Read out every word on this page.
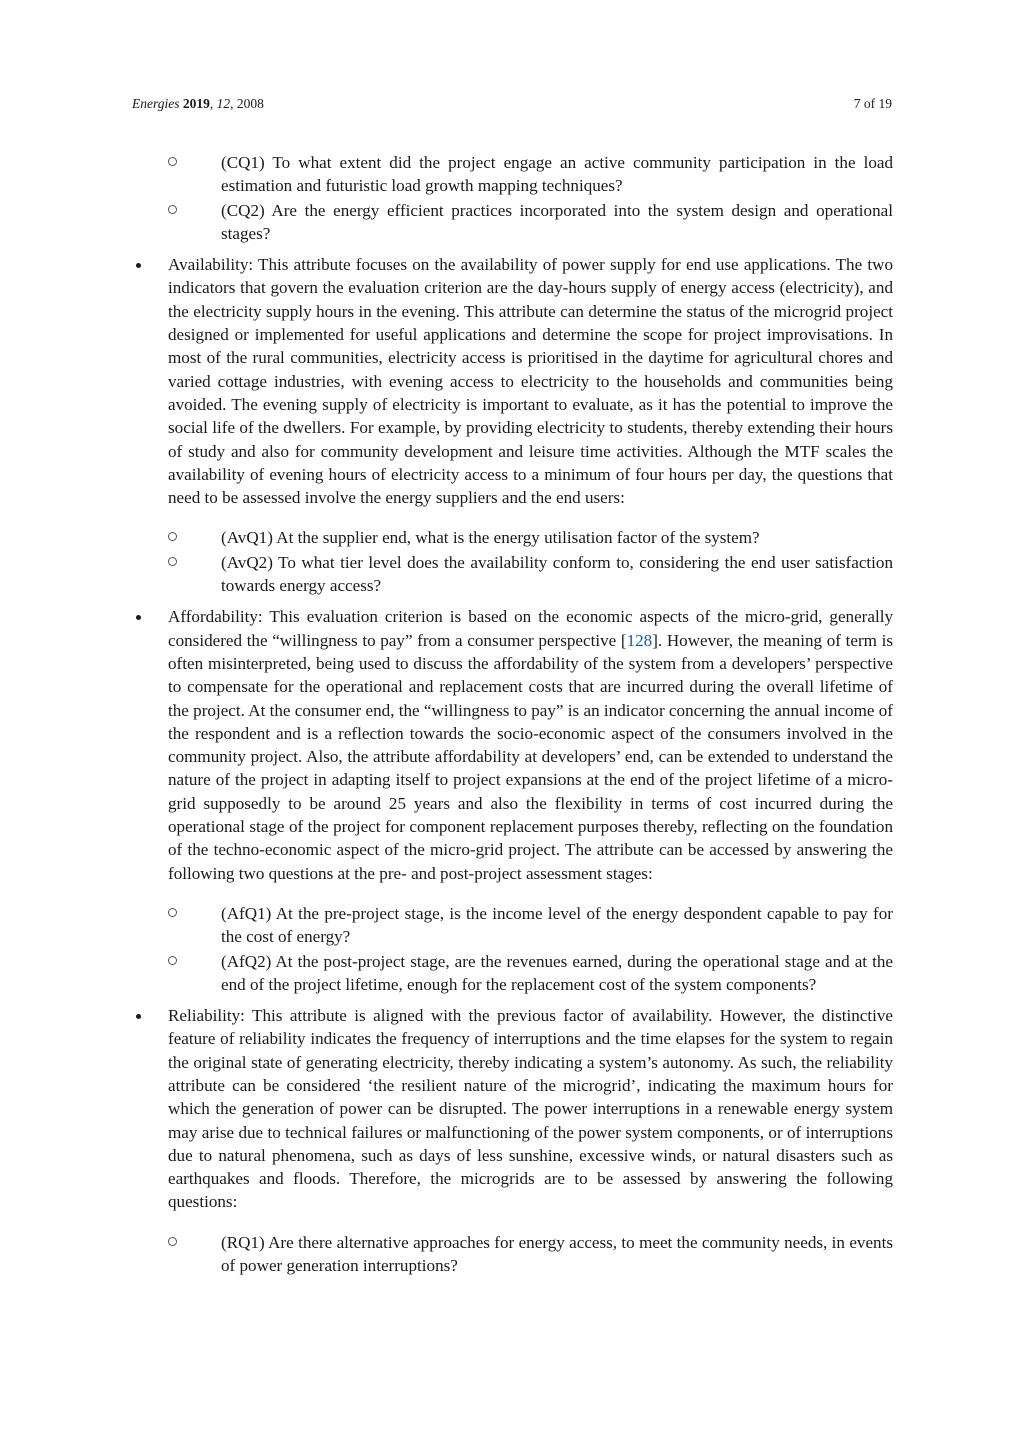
Energies 2019, 12, 2008	7 of 19
(CQ1) To what extent did the project engage an active community participation in the load estimation and futuristic load growth mapping techniques?
(CQ2) Are the energy efficient practices incorporated into the system design and operational stages?
Availability: This attribute focuses on the availability of power supply for end use applications. The two indicators that govern the evaluation criterion are the day-hours supply of energy access (electricity), and the electricity supply hours in the evening. This attribute can determine the status of the microgrid project designed or implemented for useful applications and determine the scope for project improvisations. In most of the rural communities, electricity access is prioritised in the daytime for agricultural chores and varied cottage industries, with evening access to electricity to the households and communities being avoided. The evening supply of electricity is important to evaluate, as it has the potential to improve the social life of the dwellers. For example, by providing electricity to students, thereby extending their hours of study and also for community development and leisure time activities. Although the MTF scales the availability of evening hours of electricity access to a minimum of four hours per day, the questions that need to be assessed involve the energy suppliers and the end users:
(AvQ1) At the supplier end, what is the energy utilisation factor of the system?
(AvQ2) To what tier level does the availability conform to, considering the end user satisfaction towards energy access?
Affordability: This evaluation criterion is based on the economic aspects of the micro-grid, generally considered the “willingness to pay” from a consumer perspective [128]. However, the meaning of term is often misinterpreted, being used to discuss the affordability of the system from a developers’ perspective to compensate for the operational and replacement costs that are incurred during the overall lifetime of the project. At the consumer end, the “willingness to pay” is an indicator concerning the annual income of the respondent and is a reflection towards the socio-economic aspect of the consumers involved in the community project. Also, the attribute affordability at developers’ end, can be extended to understand the nature of the project in adapting itself to project expansions at the end of the project lifetime of a micro-grid supposedly to be around 25 years and also the flexibility in terms of cost incurred during the operational stage of the project for component replacement purposes thereby, reflecting on the foundation of the techno-economic aspect of the micro-grid project. The attribute can be accessed by answering the following two questions at the pre- and post-project assessment stages:
(AfQ1) At the pre-project stage, is the income level of the energy despondent capable to pay for the cost of energy?
(AfQ2) At the post-project stage, are the revenues earned, during the operational stage and at the end of the project lifetime, enough for the replacement cost of the system components?
Reliability: This attribute is aligned with the previous factor of availability. However, the distinctive feature of reliability indicates the frequency of interruptions and the time elapses for the system to regain the original state of generating electricity, thereby indicating a system’s autonomy. As such, the reliability attribute can be considered ‘the resilient nature of the microgrid’, indicating the maximum hours for which the generation of power can be disrupted. The power interruptions in a renewable energy system may arise due to technical failures or malfunctioning of the power system components, or of interruptions due to natural phenomena, such as days of less sunshine, excessive winds, or natural disasters such as earthquakes and floods. Therefore, the microgrids are to be assessed by answering the following questions:
(RQ1) Are there alternative approaches for energy access, to meet the community needs, in events of power generation interruptions?
